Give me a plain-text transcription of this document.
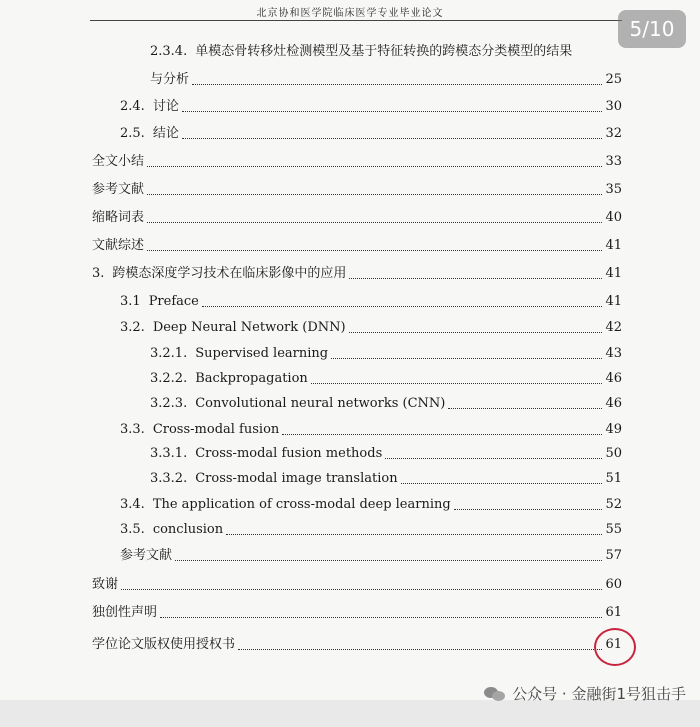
北京协和医学院临床医学专业毕业论文
2.3.4. 单模态骨转移灶检测模型及基于特征转换的跨模态分类模型的结果
与分析	25
2.4. 讨论	30
2.5. 结论	32
全文小结	33
参考文献	35
缩略词表	40
文献综述	41
3. 跨模态深度学习技术在临床影像中的应用	41
3.1 Preface	41
3.2. Deep Neural Network (DNN)	42
3.2.1. Supervised learning	43
3.2.2. Backpropagation	46
3.2.3. Convolutional neural networks (CNN)	46
3.3. Cross-modal fusion	49
3.3.1. Cross-modal fusion methods	50
3.3.2. Cross-modal image translation	51
3.4. The application of cross-modal deep learning	52
3.5. conclusion	55
参考文献	57
致谢	60
独创性声明	61
学位论文版权使用授权书	61
5/10
公众号 · 金融街1号狙击手
